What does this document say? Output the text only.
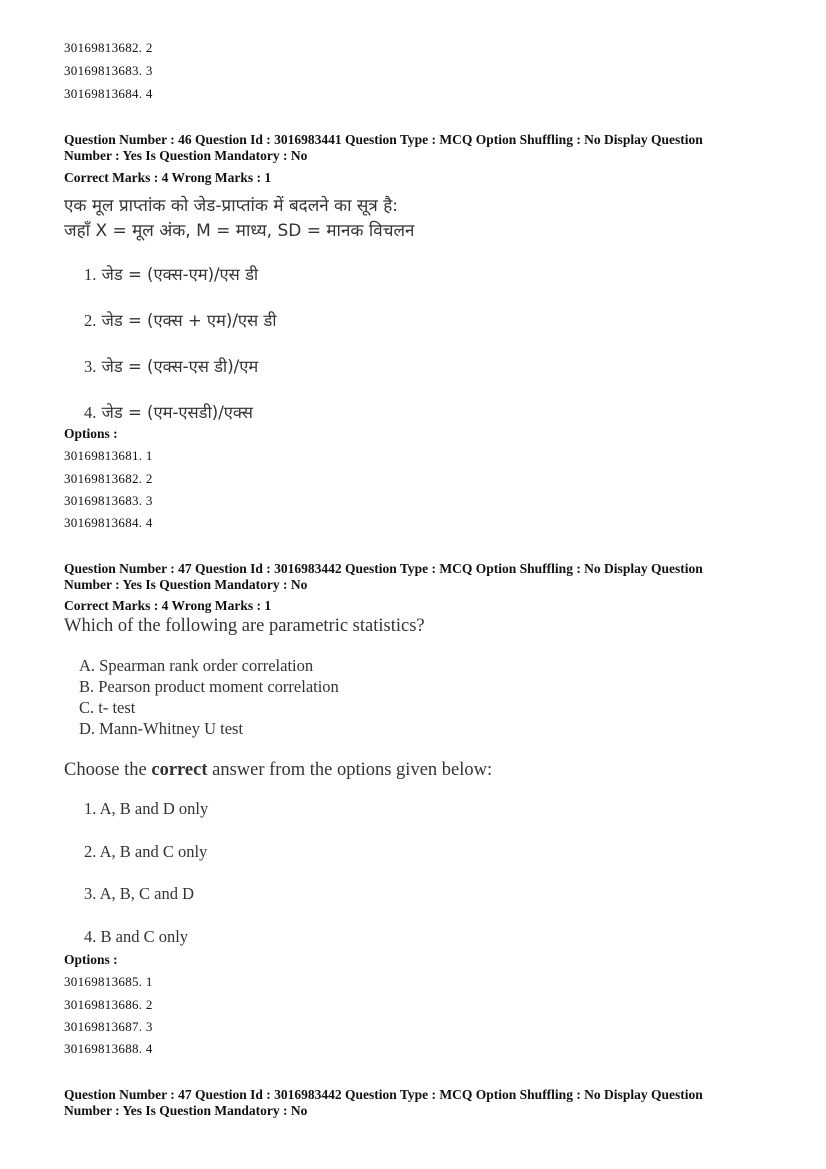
30169813682. 2
30169813683. 3
30169813684. 4
Question Number : 46 Question Id : 3016983441 Question Type : MCQ Option Shuffling : No Display Question
Number : Yes Is Question Mandatory : No
Correct Marks : 4 Wrong Marks : 1
एक मूल प्राप्तांक को जेड-प्राप्तांक में बदलने का सूत्र है:
जहाँ X = मूल अंक, M = माध्य, SD = मानक विचलन
1. जेड = (एक्स-एम)/एस डी
2. जेड = (एक्स + एम)/एस डी
3. जेड = (एक्स-एस डी)/एम
4. जेड = (एम-एसडी)/एक्स
Options :
30169813681. 1
30169813682. 2
30169813683. 3
30169813684. 4
Question Number : 47 Question Id : 3016983442 Question Type : MCQ Option Shuffling : No Display Question
Number : Yes Is Question Mandatory : No
Correct Marks : 4 Wrong Marks : 1
Which of the following are parametric statistics?
A. Spearman rank order correlation
B. Pearson product moment correlation
C. t- test
D. Mann-Whitney U test
Choose the correct answer from the options given below:
1. A, B and D only
2. A, B and C only
3. A, B, C and D
4. B and C only
Options :
30169813685. 1
30169813686. 2
30169813687. 3
30169813688. 4
Question Number : 47 Question Id : 3016983442 Question Type : MCQ Option Shuffling : No Display Question
Number : Yes Is Question Mandatory : No
